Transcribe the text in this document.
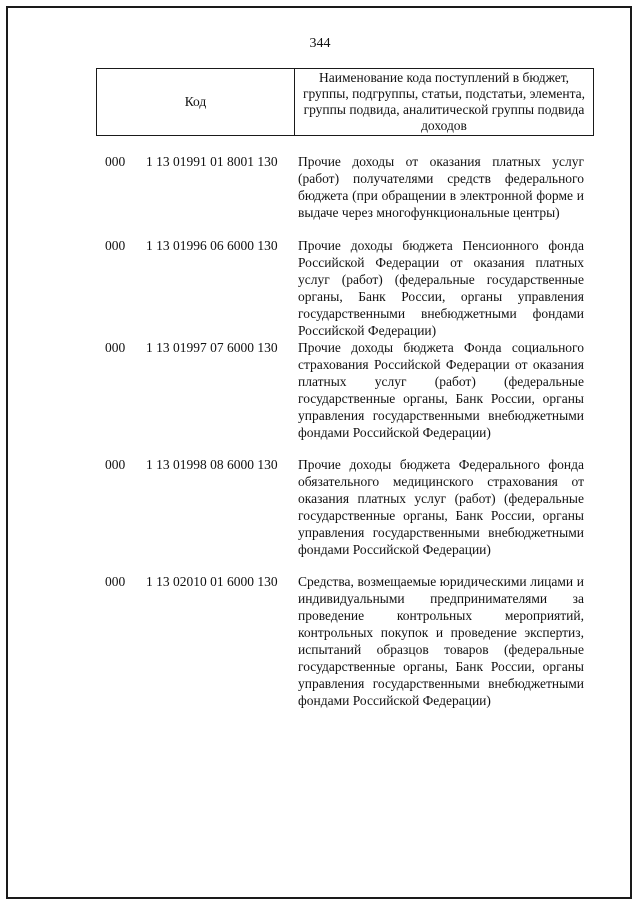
344
Код	Наименование кода поступлений в бюджет, группы, подгруппы, статьи, подстатьи, элемента, группы подвида, аналитической группы подвида доходов
000 1 13 01991 01 8001 130 Прочие доходы от оказания платных услуг (работ) получателями средств федерального бюджета (при обращении в электронной форме и выдаче через многофункциональные центры)
000 1 13 01996 06 6000 130 Прочие доходы бюджета Пенсионного фонда Российской Федерации от оказания платных услуг (работ) (федеральные государственные органы, Банк России, органы управления государственными внебюджетными фондами Российской Федерации)
000 1 13 01997 07 6000 130 Прочие доходы бюджета Фонда социального страхования Российской Федерации от оказания платных услуг (работ) (федеральные государственные органы, Банк России, органы управления государственными внебюджетными фондами Российской Федерации)
000 1 13 01998 08 6000 130 Прочие доходы бюджета Федерального фонда обязательного медицинского страхования от оказания платных услуг (работ) (федеральные государственные органы, Банк России, органы управления государственными внебюджетными фондами Российской Федерации)
000 1 13 02010 01 6000 130 Средства, возмещаемые юридическими лицами и индивидуальными предпринимателями за проведение контрольных мероприятий, контрольных покупок и проведение экспертиз, испытаний образцов товаров (федеральные государственные органы, Банк России, органы управления государственными внебюджетными фондами Российской Федерации)
